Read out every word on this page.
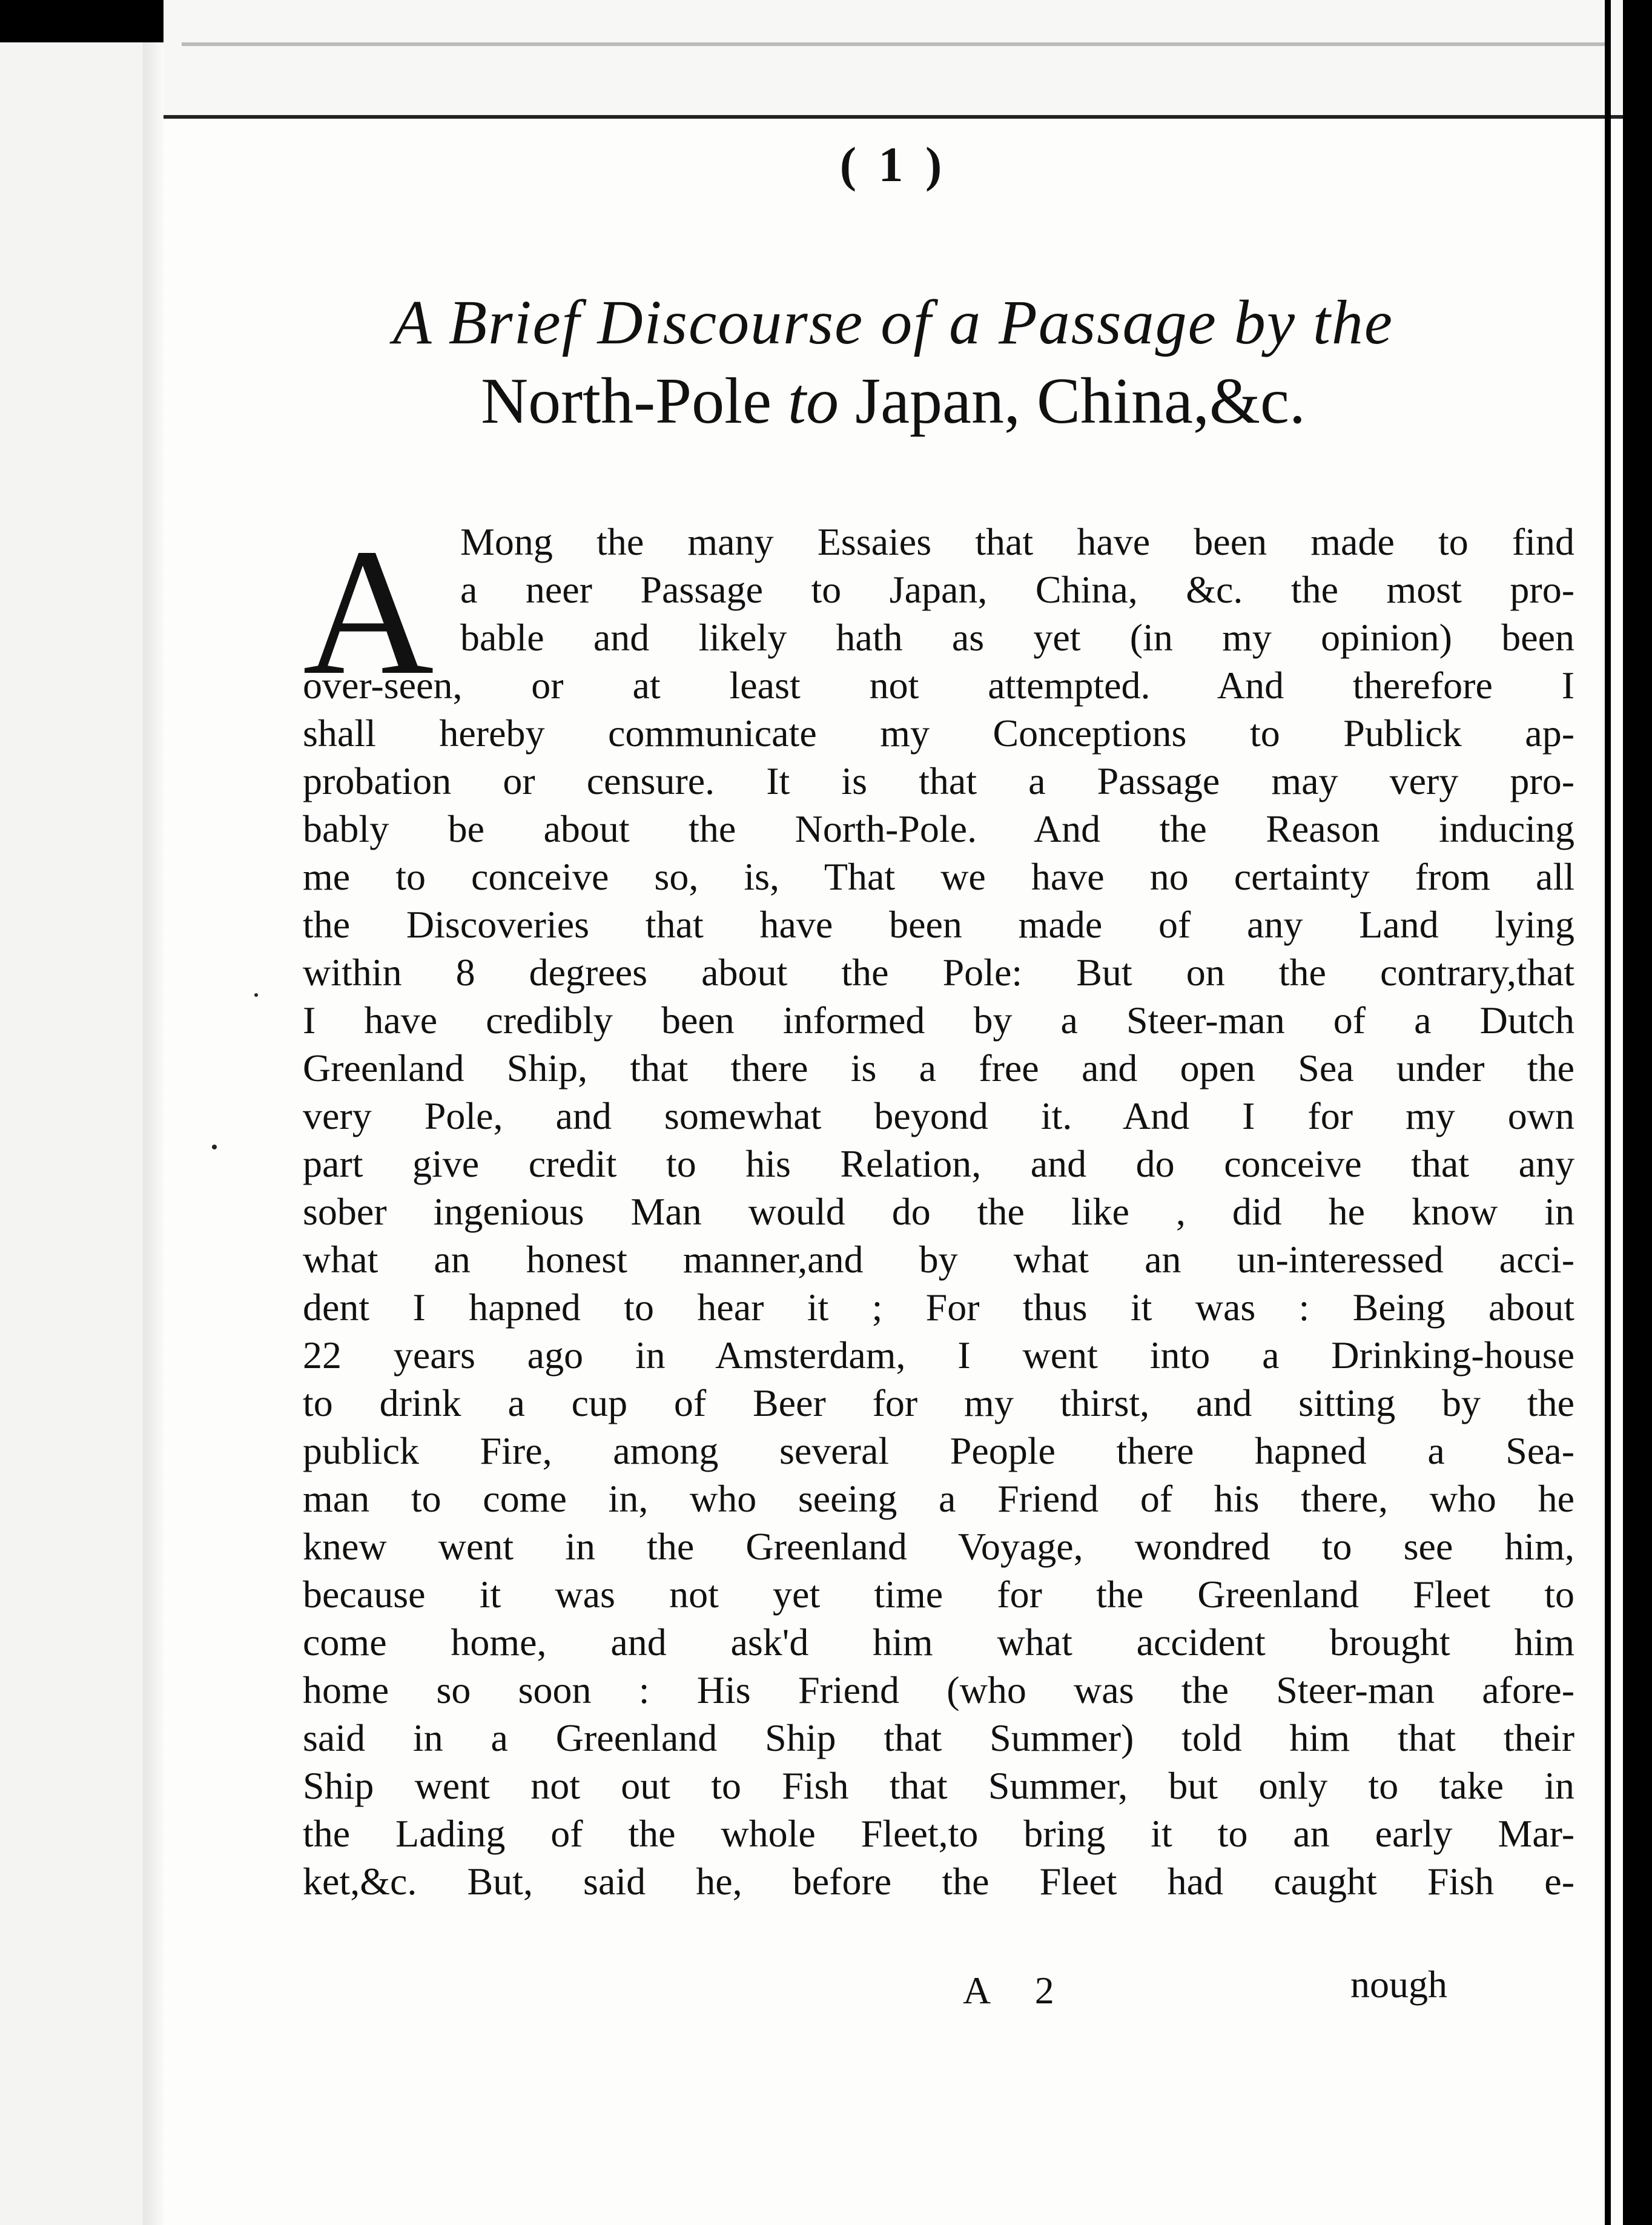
( 1 )
A Brief Discourse of a Passage by the
North-Pole to Japan, China,&c.
A Mong the many Essaies that have been made to find
a neer Passage to Japan, China, &c. the most pro-
bable and likely hath as yet (in my opinion) been
over-seen, or at least not attempted. And therefore I
shall hereby communicate my Conceptions to Publick ap-
probation or censure. It is that a Passage may very pro-
bably be about the North-Pole. And the Reason inducing
me to conceive so, is, That we have no certainty from all
the Discoveries that have been made of any Land lying
within 8 degrees about the Pole: But on the contrary,that
I have credibly been informed by a Steer-man of a Dutch
Greenland Ship, that there is a free and open Sea under the
very Pole, and somewhat beyond it. And I for my own
part give credit to his Relation, and do conceive that any
sober ingenious Man would do the like , did he know in
what an honest manner,and by what an un-interessed acci-
dent I hapned to hear it ; For thus it was : Being about
22 years ago in Amsterdam, I went into a Drinking-house
to drink a cup of Beer for my thirst, and sitting by the
publick Fire, among several People there hapned a Sea-
man to come in, who seeing a Friend of his there, who he
knew went in the Greenland Voyage, wondred to see him,
because it was not yet time for the Greenland Fleet to
come home, and ask'd him what accident brought him
home so soon : His Friend (who was the Steer-man afore-
said in a Greenland Ship that Summer) told him that their
Ship went not out to Fish that Summer, but only to take in
the Lading of the whole Fleet,to bring it to an early Mar-
ket,&c. But, said he, before the Fleet had caught Fish e-
A 2	nough
